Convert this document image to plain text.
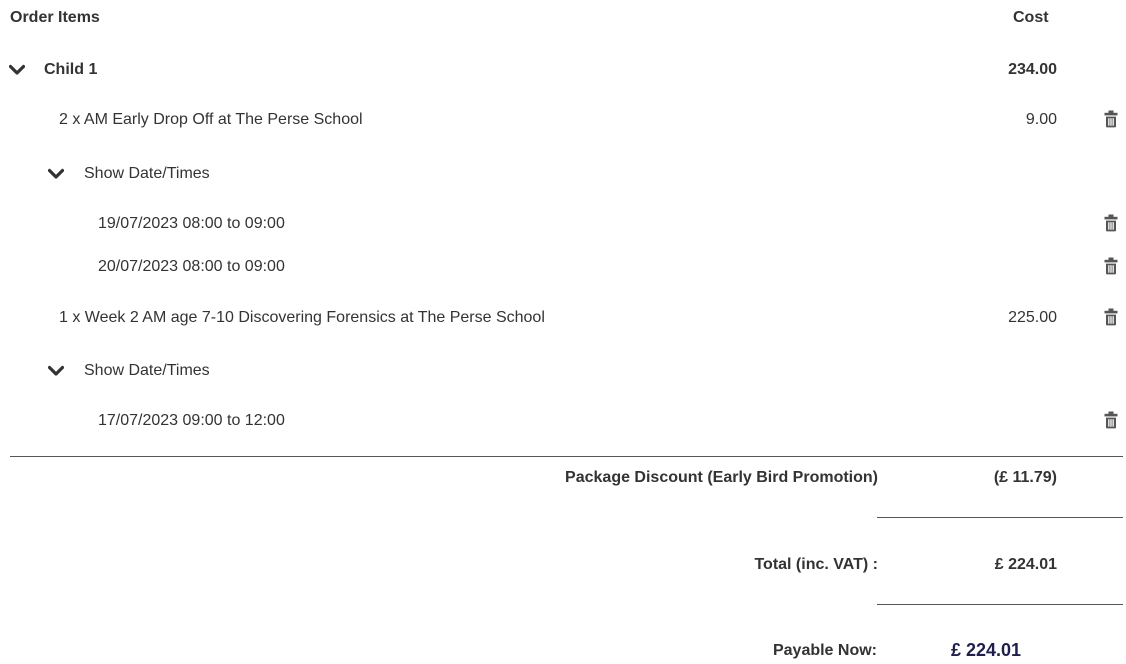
Order Items	Cost
Child 1	234.00
2 x AM Early Drop Off at The Perse School	9.00
Show Date/Times
19/07/2023 08:00 to 09:00
20/07/2023 08:00 to 09:00
1 x Week 2 AM age 7-10 Discovering Forensics at The Perse School	225.00
Show Date/Times
17/07/2023 09:00 to 12:00
Package Discount (Early Bird Promotion)	(£ 11.79)
Total (inc. VAT) :	£ 224.01
Payable Now:	£ 224.01
